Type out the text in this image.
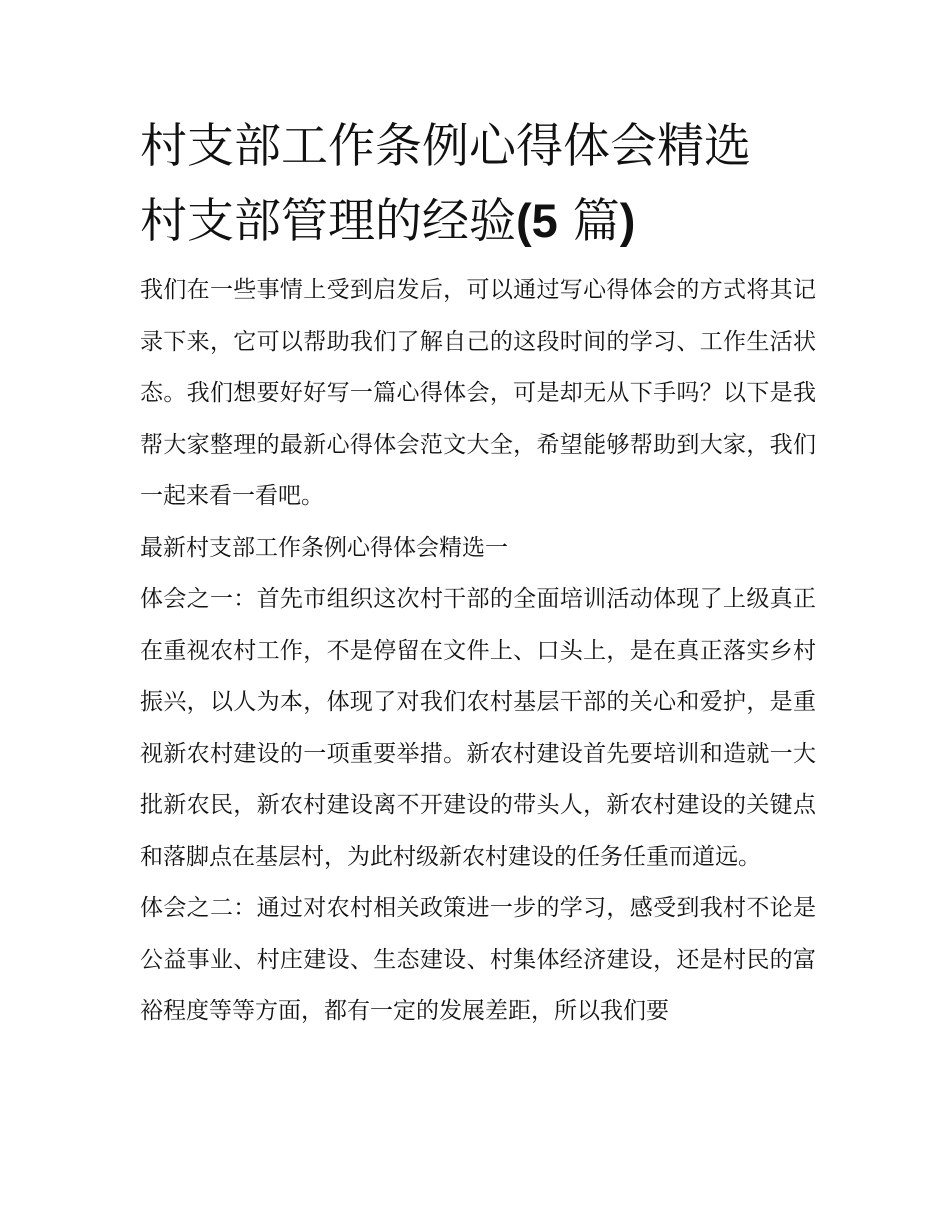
村支部工作条例心得体会精选
村支部管理的经验(5 篇)

我们在一些事情上受到启发后，可以通过写心得体会的方式将其记录下来，它可以帮助我们了解自己的这段时间的学习、工作生活状态。我们想要好好写一篇心得体会，可是却无从下手吗？以下是我帮大家整理的最新心得体会范文大全，希望能够帮助到大家，我们一起来看一看吧。

最新村支部工作条例心得体会精选一

体会之一：首先市组织这次村干部的全面培训活动体现了上级真正在重视农村工作，不是停留在文件上、口头上，是在真正落实乡村振兴，以人为本，体现了对我们农村基层干部的关心和爱护，是重视新农村建设的一项重要举措。新农村建设首先要培训和造就一大批新农民，新农村建设离不开建设的带头人，新农村建设的关键点和落脚点在基层村，为此村级新农村建设的任务任重而道远。

体会之二：通过对农村相关政策进一步的学习，感受到我村不论是公益事业、村庄建设、生态建设、村集体经济建设，还是村民的富裕程度等等方面，都有一定的发展差距，所以我们要
